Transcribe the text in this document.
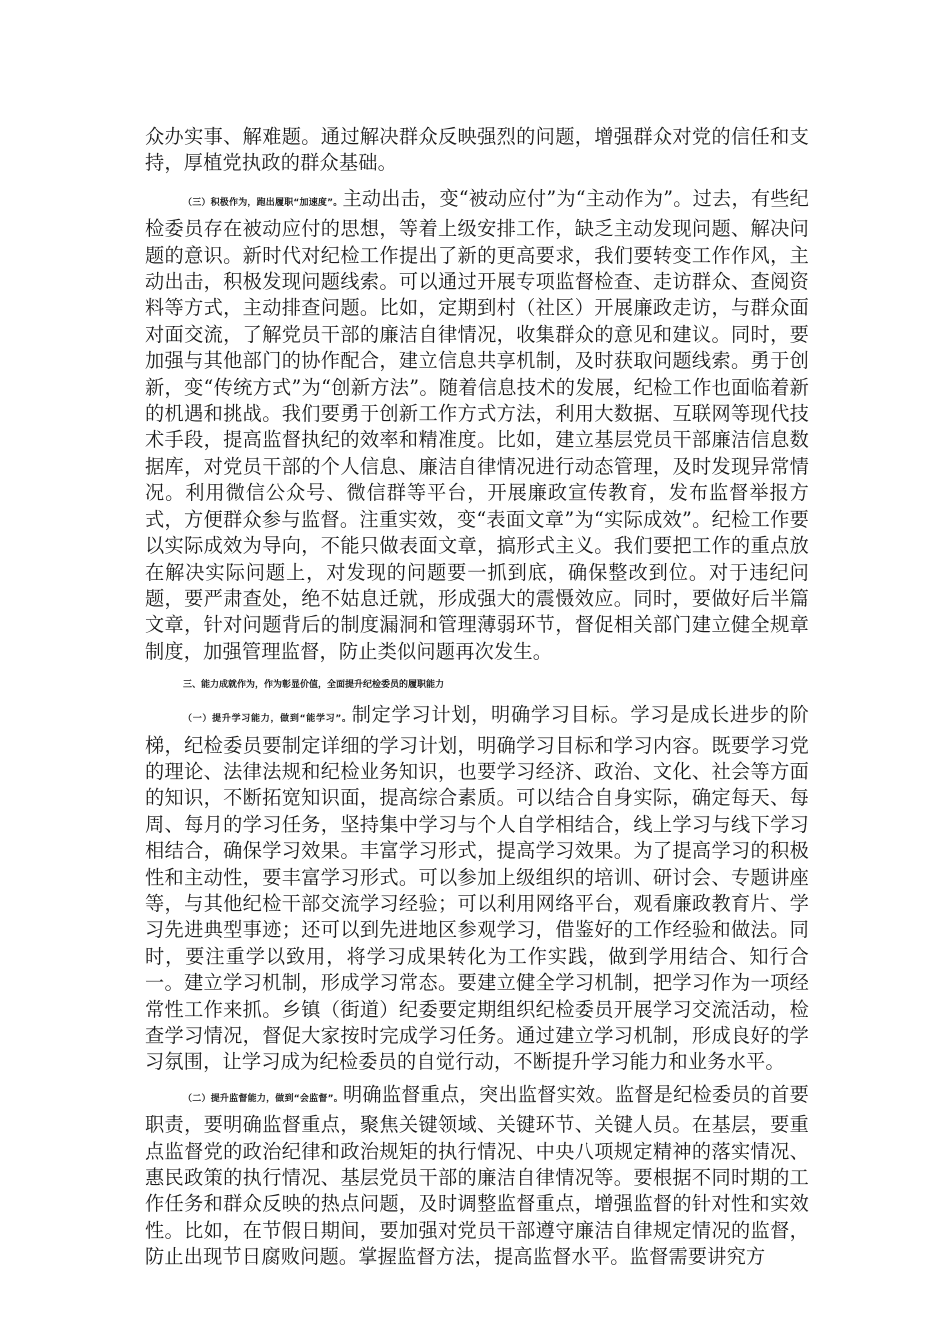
众办实事、解难题。通过解决群众反映强烈的问题，增强群众对党的信任和支持，厚植党执政的群众基础。

（三）积极作为，跑出履职“加速度”。主动出击，变“被动应付”为“主动作为”。过去，有些纪检委员存在被动应付的思想，等着上级安排工作，缺乏主动发现问题、解决问题的意识。新时代对纪检工作提出了新的更高要求，我们要转变工作作风，主动出击，积极发现问题线索。可以通过开展专项监督检查、走访群众、查阅资料等方式，主动排查问题。比如，定期到村（社区）开展廉政走访，与群众面对面交流，了解党员干部的廉洁自律情况，收集群众的意见和建议。同时，要加强与其他部门的协作配合，建立信息共享机制，及时获取问题线索。勇于创新，变“传统方式”为“创新方法”。随着信息技术的发展，纪检工作也面临着新的机遇和挑战。我们要勇于创新工作方式方法，利用大数据、互联网等现代技术手段，提高监督执纪的效率和精准度。比如，建立基层党员干部廉洁信息数据库，对党员干部的个人信息、廉洁自律情况进行动态管理，及时发现异常情况。利用微信公众号、微信群等平台，开展廉政宣传教育，发布监督举报方式，方便群众参与监督。注重实效，变“表面文章”为“实际成效”。纪检工作要以实际成效为导向，不能只做表面文章，搞形式主义。我们要把工作的重点放在解决实际问题上，对发现的问题要一抓到底，确保整改到位。对于违纪问题，要严肃查处，绝不姑息迁就，形成强大的震慑效应。同时，要做好后半篇文章，针对问题背后的制度漏洞和管理薄弱环节，督促相关部门建立健全规章制度，加强管理监督，防止类似问题再次发生。

三、能力成就作为，作为彰显价值，全面提升纪检委员的履职能力

（一）提升学习能力，做到“能学习”。制定学习计划，明确学习目标。学习是成长进步的阶梯，纪检委员要制定详细的学习计划，明确学习目标和学习内容。既要学习党的理论、法律法规和纪检业务知识，也要学习经济、政治、文化、社会等方面的知识，不断拓宽知识面，提高综合素质。可以结合自身实际，确定每天、每周、每月的学习任务，坚持集中学习与个人自学相结合，线上学习与线下学习相结合，确保学习效果。丰富学习形式，提高学习效果。为了提高学习的积极性和主动性，要丰富学习形式。可以参加上级组织的培训、研讨会、专题讲座等，与其他纪检干部交流学习经验；可以利用网络平台，观看廉政教育片、学习先进典型事迹；还可以到先进地区参观学习，借鉴好的工作经验和做法。同时，要注重学以致用，将学习成果转化为工作实践，做到学用结合、知行合一。建立学习机制，形成学习常态。要建立健全学习机制，把学习作为一项经常性工作来抓。乡镇（街道）纪委要定期组织纪检委员开展学习交流活动，检查学习情况，督促大家按时完成学习任务。通过建立学习机制，形成良好的学习氛围，让学习成为纪检委员的自觉行动，不断提升学习能力和业务水平。

（二）提升监督能力，做到“会监督”。明确监督重点，突出监督实效。监督是纪检委员的首要职责，要明确监督重点，聚焦关键领域、关键环节、关键人员。在基层，要重点监督党的政治纪律和政治规矩的执行情况、中央八项规定精神的落实情况、惠民政策的执行情况、基层党员干部的廉洁自律情况等。要根据不同时期的工作任务和群众反映的热点问题，及时调整监督重点，增强监督的针对性和实效性。比如，在节假日期间，要加强对党员干部遵守廉洁自律规定情况的监督，防止出现节日腐败问题。掌握监督方法，提高监督水平。监督需要讲究方
